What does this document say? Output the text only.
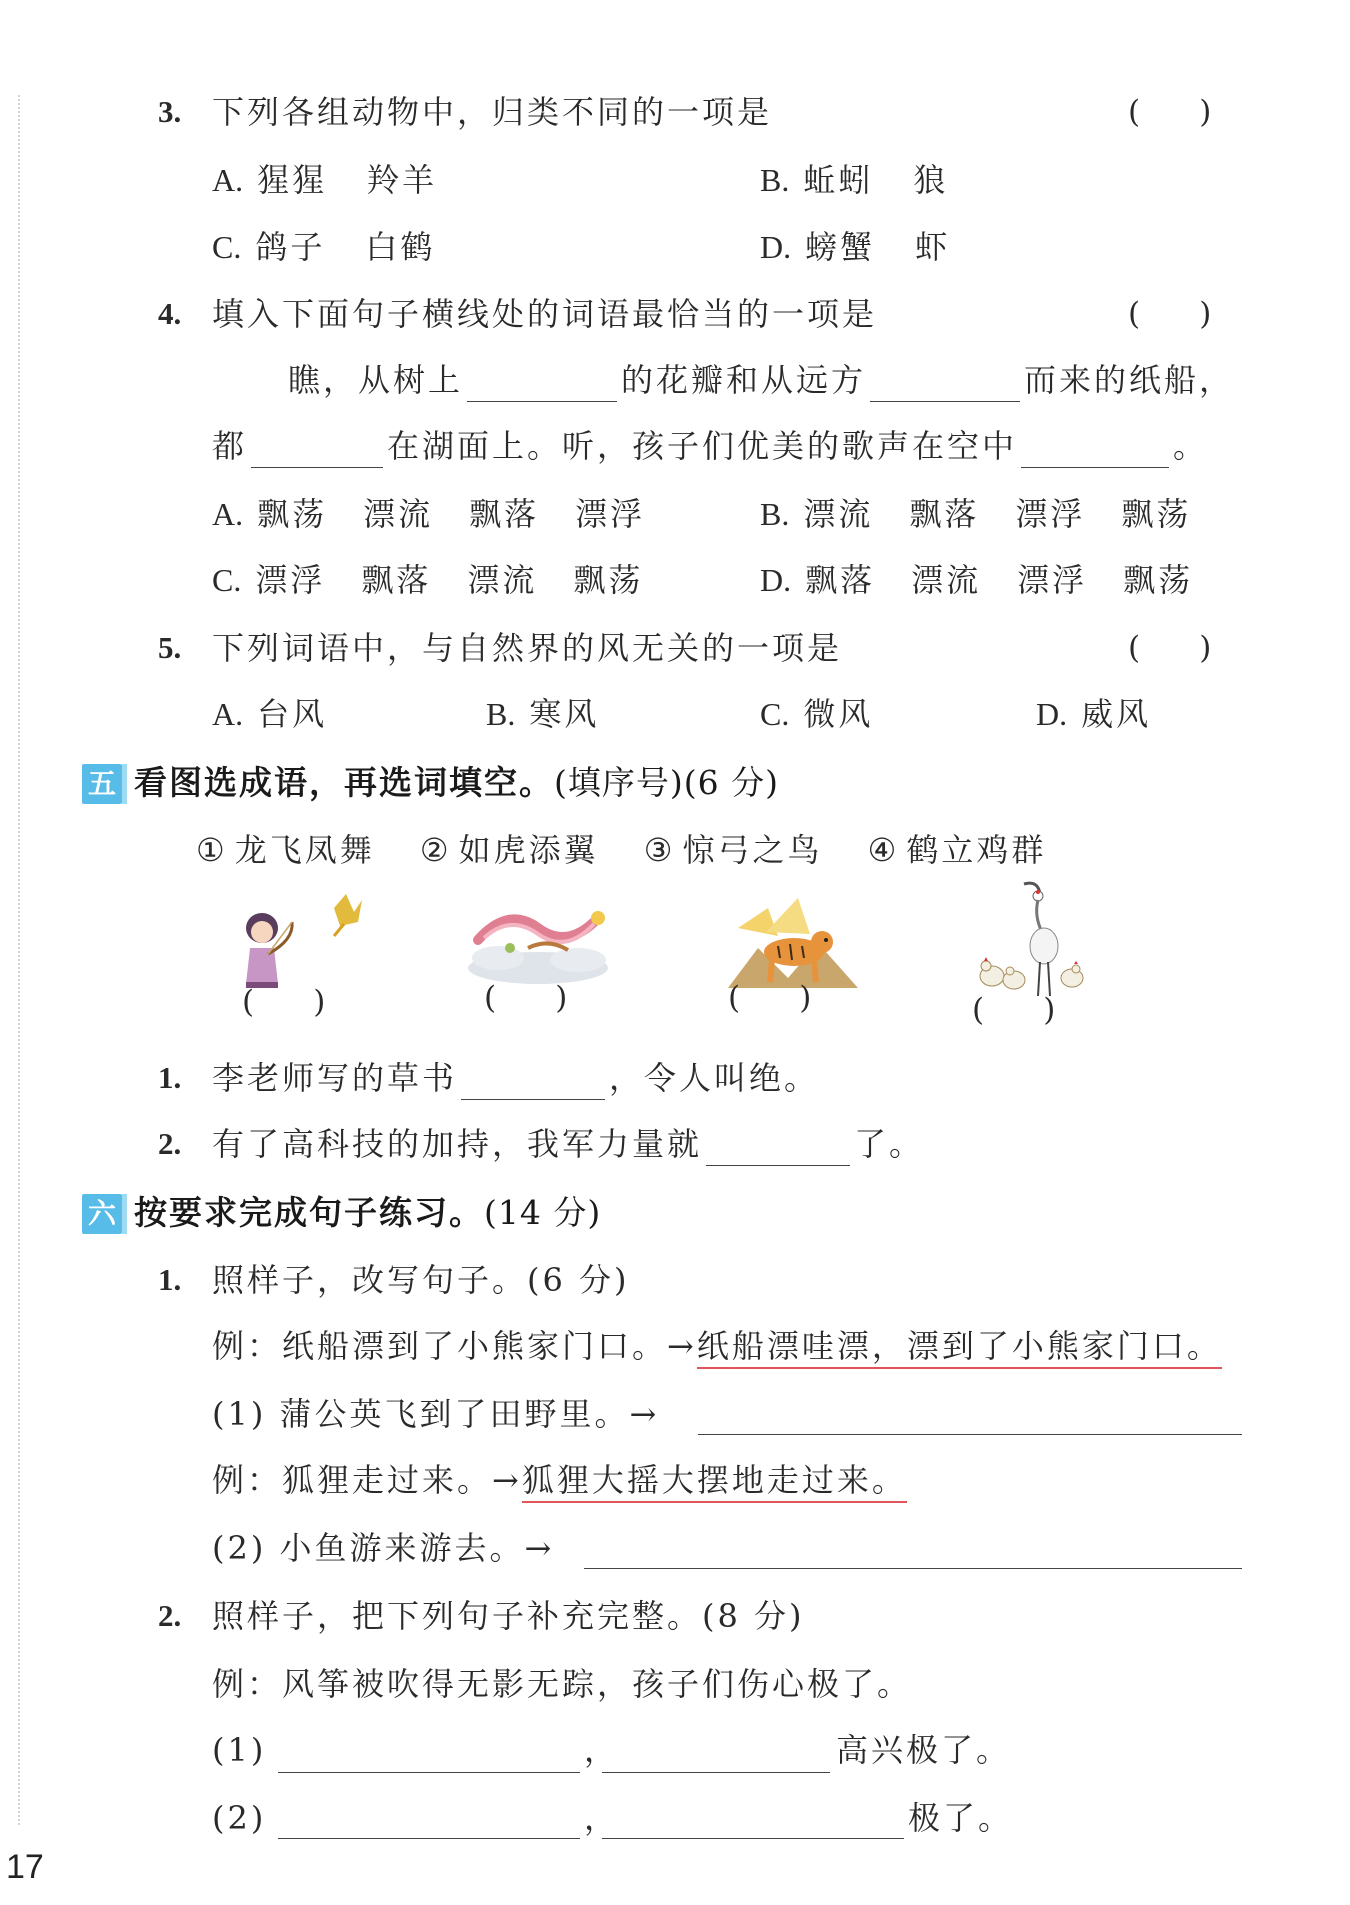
3. 下列各组动物中，归类不同的一项是	(      )
A. 猩猩 羚羊	B. 蚯蚓 狼
C. 鸽子 白鹤	D. 螃蟹 虾
4. 填入下面句子横线处的词语最恰当的一项是	(      )
瞧，从树上	的花瓣和从远方	而来的纸船，
都	在湖面上。听，孩子们优美的歌声在空中	。
A. 飘荡 漂流 飘落 漂浮	B. 漂流 飘落 漂浮 飘荡
C. 漂浮 飘落 漂流 飘荡	D. 飘落 漂流 漂浮 飘荡
5. 下列词语中，与自然界的风无关的一项是	(      )
A. 台风	B. 寒风	C. 微风	D. 威风
五 看图选成语，再选词填空。(填序号)(6 分)
① 龙飞凤舞 ② 如虎添翼 ③ 惊弓之鸟 ④ 鹤立鸡群
(      )	(      )	(      )	(      )
1. 李老师写的草书	，令人叫绝。
2. 有了高科技的加持，我军力量就	了。
六 按要求完成句子练习。(14 分)
1. 照样子，改写句子。(6 分)
例：纸船漂到了小熊家门口。→纸船漂哇漂，漂到了小熊家门口。
(1) 蒲公英飞到了田野里。→
例：狐狸走过来。→狐狸大摇大摆地走过来。
(2) 小鱼游来游去。→
2. 照样子，把下列句子补充完整。(8 分)
例：风筝被吹得无影无踪，孩子们伤心极了。
(1)	，	高兴极了。
(2)	，	极了。
17
